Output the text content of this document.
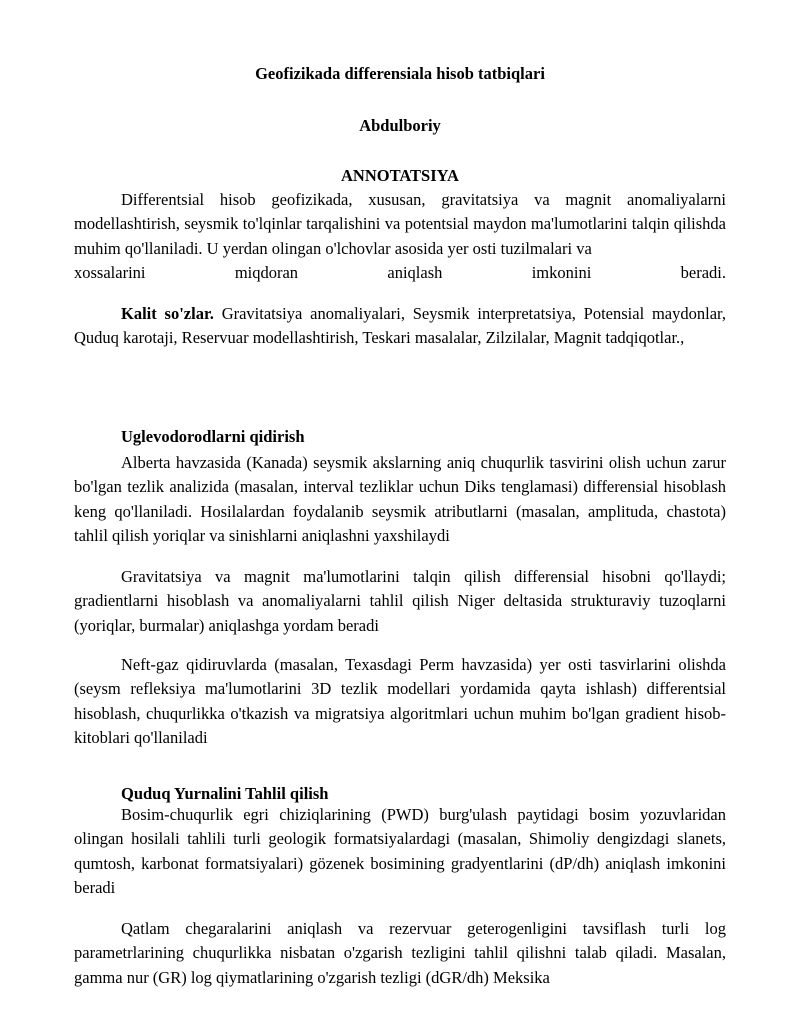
Geofizikada differensiala hisob tatbiqlari
Abdulboriy
ANNOTATSIYA

Differentsial hisob geofizikada, xususan, gravitatsiya va magnit anomaliyalarni modellashtirish, seysmik to'lqinlar tarqalishini va potentsial maydon ma'lumotlarini talqin qilishda muhim qo'llaniladi. U yerdan olingan o'lchovlar asosida yer osti tuzilmalari va

xossalarini miqdoran aniqlash imkonini beradi.

Kalit so'zlar. Gravitatsiya anomaliyalari, Seysmik interpretatsiya, Potensial maydonlar, Quduq karotaji, Reservuar modellashtirish, Teskari masalalar, Zilzilalar, Magnit tadqiqotlar.,

Uglevodorodlarni qidirish

Alberta havzasida (Kanada) seysmik akslarning aniq chuqurlik tasvirini olish uchun zarur bo'lgan tezlik analizida (masalan, interval tezliklar uchun Diks tenglamasi) differensial hisoblash keng qo'llaniladi. Hosilalardan foydalanib seysmik atributlarni (masalan, amplituda, chastota) tahlil qilish yoriqlar va sinishlarni aniqlashni yaxshilaydi

Gravitatsiya va magnit ma'lumotlarini talqin qilish differensial hisobni qo'llaydi; gradientlarni hisoblash va anomaliyalarni tahlil qilish Niger deltasida strukturaviy tuzoqlarni (yoriqlar, burmalar) aniqlashga yordam beradi

Neft-gaz qidiruvlarda (masalan, Texasdagi Perm havzasida) yer osti tasvirlarini olishda (seysm refleksiya ma'lumotlarini 3D tezlik modellari yordamida qayta ishlash) differentsial hisoblash, chuqurlikka o'tkazish va migratsiya algoritmlari uchun muhim bo'lgan gradient hisob-kitoblari qo'llaniladi

Quduq Yurnalini Tahlil qilish

Bosim-chuqurlik egri chiziqlarining (PWD) burg'ulash paytidagi bosim yozuvlaridan olingan hosilali tahlili turli geologik formatsiyalardagi (masalan, Shimoliy dengizdagi slanets, qumtosh, karbonat formatsiyalari) gözenek bosimining gradyentlarini (dP/dh) aniqlash imkonini beradi

Qatlam chegaralarini aniqlash va rezervuar geterogenligini tavsiflash turli log parametrlarining chuqurlikka nisbatan o'zgarish tezligini tahlil qilishni talab qiladi. Masalan, gamma nur (GR) log qiymatlarining o'zgarish tezligi (dGR/dh) Meksika
